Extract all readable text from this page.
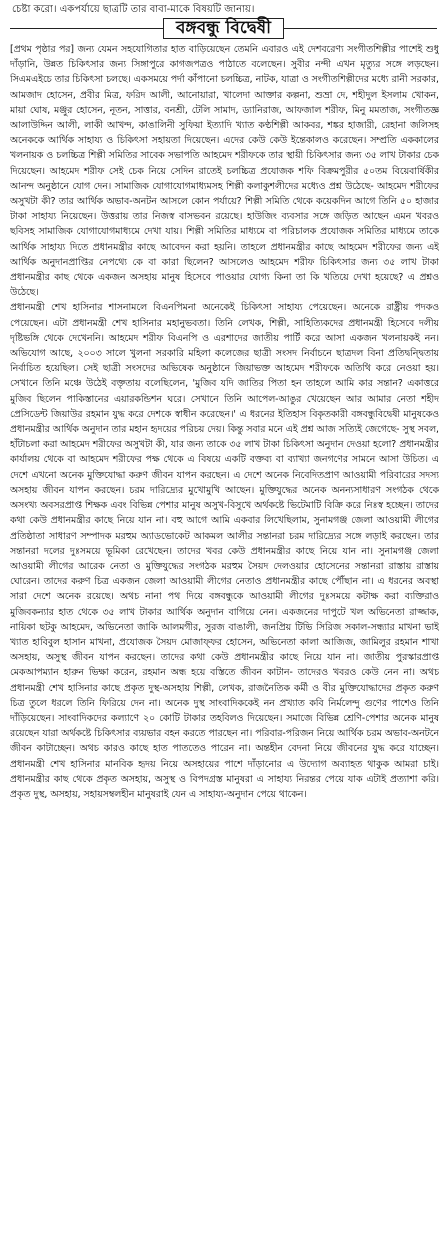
চেষ্টা করো। একপর্যায়ে ছাত্রটি তার বাবা-মাকে বিষয়টি জানায়।
বঙ্গবন্ধু বিদ্বেষী

[প্রথম পৃষ্ঠার পর] জন্য যেমন সহযোগিতার হাত বাড়িয়েছেন তেমনি এবারও এই দেশবরেণ্য সংগীতশিল্পীর পাশেই শুধু দাঁড়ানি, উন্নত চিকিৎসার জন্য সিঙ্গাপুরে কাগজপত্রও পাঠাতে বলেছেন। সুবীর নন্দী এখন মৃত্যুর সঙ্গে লড়ছেন। সিএমএইচে তার চিকিৎসা চলছে। একসময়ে পর্দা কাঁপানো চলচ্চিত্র, নাটক, যাত্রা ও সংগীতশিল্পীদের মধ্যে রানী সরকার, আমজাদ হোসেন, প্রবীর মিত্র, ফরিদ আলী, আনোয়ারা, খালেদা আক্তার কল্পনা, শুভ্রা দে, শহীদুল ইসলাম খোকন, মায়া ঘোষ, মঞ্জুর হোসেন, নূতন, সাত্তার, বনশ্রী, টেলি সামাদ, ড্যানিরাজ, আফজাল শরীফ, মিনু মমতাজ, সংগীতজ্ঞ আলাউদ্দিন আলী, লাকী আখন্দ, কাঙালিনী সুফিয়া ইত্যাদি খ্যাত কণ্ঠশিল্পী আকবর, শঙ্কর হাজারী, রেহানা জলিসহ অনেককে আর্থিক সাহায্য ও চিকিৎসা সহায়তা দিয়েছেন। এদের কেউ কেউ ইন্তেকালও করেছেন। সম্প্রতি এককালের খলনায়ক ও চলচ্চিত্র শিল্পী সমিতির সাবেক সভাপতি আহমেদ শরীফকে তার স্থায়ী চিকিৎসার জন্য ৩৫ লাখ টাকার চেক দিয়েছেন। আহমেদ শরীফ সেই চেক নিয়ে সেদিন রাতেই চলচ্চিত্র প্রযোজক শফি বিক্রমপুরীর ৫০তম বিয়েবার্ষিকীর আনন্দ অনুষ্ঠানে যোগ দেন। সামাজিক যোগাযোগমাধ্যমসহ শিল্পী কলাকুশলীদের মধ্যেও প্রশ্ন উঠেছে- আহমেদ শরীফের অসুখটা কী? তার আর্থিক অভাব-অনটন আসলে কোন পর্যায়ে? শিল্পী সমিতি থেকে কয়েকদিন আগে তিনি ৫০ হাজার টাকা সাহায্য নিয়েছেন। উত্তরায় তার নিজস্ব বাসভবন রয়েছে। হাউজিং ব্যবসার সঙ্গে জড়িত আছেন এমন খবরও ছবিসহ সামাজিক যোগাযোগমাধ্যমে দেখা যায়। শিল্পী সমিতির মাধ্যমে বা পরিচালক প্রযোজক সমিতির মাধ্যমে তাকে আর্থিক সাহায্য দিতে প্রধানমন্ত্রীর কাছে আবেদন করা হয়নি। তাহলে প্রধানমন্ত্রীর কাছে আহমেদ শরীফের জন্য এই আর্থিক অনুদানপ্রাপ্তির নেপথ্যে কে বা কারা ছিলেন? আসলেও আহমেদ শরীফ চিকিৎসার জন্য ৩৫ লাখ টাকা প্রধানমন্ত্রীর কাছ থেকে একজন অসহায় মানুষ হিসেবে পাওয়ার যোগ্য কিনা তা কি খতিয়ে দেখা হয়েছে? এ প্রশ্নও উঠেছে।

প্রধানমন্ত্রী শেখ হাসিনার শাসনামলে বিএনপিমনা অনেকেই চিকিৎসা সাহায্য পেয়েছেন। অনেকে রাষ্ট্রীয় পদকও পেয়েছেন। এটা প্রধানমন্ত্রী শেখ হাসিনার মহানুভবতা। তিনি লেখক, শিল্পী, সাহিত্যিকদের প্রধানমন্ত্রী হিসেবে দলীয় দৃষ্টিভঙ্গি থেকে দেখেননি। আহমেদ শরীফ বিএনপি ও এরশাদের জাতীয় পার্টি করে আসা একজন খলনায়কই নন। অভিযোগ আছে, ২০০৩ সালে খুলনা সরকারি মহিলা কলেজের ছাত্রী সংসদ নির্বাচনে ছাত্রদল বিনা প্রতিদ্বন্দ্বিতায় নির্বাচিত হয়েছিল। সেই ছাত্রী সংসদের অভিষেক অনুষ্ঠানে জিয়াভক্ত আহমেদ শরীফকে অতিথি করে নেওয়া হয়। সেখানে তিনি মঞ্চে উঠেই বক্তৃতায় বলেছিলেন, 'মুজিব যদি জাতির পিতা হন তাহলে আমি কার সন্তান? একাত্তরে মুজিব ছিলেন পাকিস্তানের এয়ারকন্ডিশন ঘরে। সেখানে তিনি আপেল-আঙুর খেয়েছেন আর আমার নেতা শহীদ প্রেসিডেন্ট জিয়াউর রহমান যুদ্ধ করে দেশকে স্বাধীন করেছেন।' এ ধরনের ইতিহাস বিকৃতকারী বঙ্গবন্ধুবিদ্বেষী মানুষকেও প্রধানমন্ত্রীর আর্থিক অনুদান তার মহান হৃদয়ের পরিচয় দেয়। কিন্তু সবার মনে এই প্রশ্ন আজ সত্যিই জেগেছে- সুস্থ সবল, হাঁটাচলা করা আহমেদ শরীফের অসুখটা কী, যার জন্য তাকে ৩৫ লাখ টাকা চিকিৎসা অনুদান দেওয়া হলো? প্রধানমন্ত্রীর কার্যালয় থেকে বা আহমেদ শরীফের পক্ষ থেকে এ বিষয়ে একটি বক্তব্য বা ব্যাখ্যা জনগণের সামনে আসা উচিত। এ দেশে এখনো অনেক মুক্তিযোদ্ধা করুণ জীবন যাপন করছেন। এ দেশে অনেক নিবেদিতপ্রাণ আওয়ামী পরিবারের সদস্য অসহায় জীবন যাপন করছেন। চরম দারিদ্র্যের মুখোমুখি আছেন। মুক্তিযুদ্ধের অনেক অনন্যসাধারণ সংগঠক থেকে অসংখ্য অবসরপ্রাপ্ত শিক্ষক এবং বিভিন্ন পেশার মানুষ অসুখ-বিসুখে অর্থকষ্টে ভিটেমাটি বিক্রি করে নিঃস্ব হচ্ছেন। তাদের কথা কেউ প্রধানমন্ত্রীর কাছে নিয়ে যান না। বহু আগে আমি একবার লিখেছিলাম, সুনামগঞ্জ জেলা আওয়ামী লীগের প্রতিষ্ঠাতা সাধারণ সম্পাদক মরহুম অ্যাডভোকেট আকমল আলীর সন্তানরা চরম দারিদ্র্যের সঙ্গে লড়াই করছেন। তার সন্তানরা দলের দুঃসময়ে ভূমিকা রেখেছেন। তাদের খবর কেউ প্রধানমন্ত্রীর কাছে নিয়ে যান না। সুনামগঞ্জ জেলা আওয়ামী লীগের আরেক নেতা ও মুক্তিযুদ্ধের সংগঠক মরহুম সৈয়দ দেলওয়ার হোসেনের সন্তানরা রাস্তায় রাস্তায় ঘোরেন। তাদের করুণ চিত্র একজন জেলা আওয়ামী লীগের নেতাও প্রধানমন্ত্রীর কাছে পৌঁছান না। এ ধরনের অবস্থা সারা দেশে অনেক রয়েছে। অথচ নানা পথ দিয়ে বঙ্গবন্ধুকে আওয়ামী লীগের দুঃসময়ে কটাক্ষ করা ব্যক্তিরাও মুজিবকন্যার হাত থেকে ৩৫ লাখ টাকার আর্থিক অনুদান বাগিয়ে নেন। একজনের দাপুটে খল অভিনেতা রাজ্জাক, নায়িকা ছটকু আহমেদ, অভিনেতা জাকি আলমগীর, সুরজ বাঙালী, জনপ্রিয় টিভি সিরিজ সকাল-সন্ধ্যার মাখনা ভাই খ্যাত হাবিবুল হাসান মাখনা, প্রযোজক সৈয়দ মোজাফ্ফর হোসেন, অভিনেতা কালা আজিজ, জামিলুর রহমান শাখা অসহায়, অসুস্থ জীবন যাপন করছেন। তাদের কথা কেউ প্রধানমন্ত্রীর কাছে নিয়ে যান না। জাতীয় পুরস্কারপ্রাপ্ত মেকআপম্যান হারুন ভিক্ষা করেন, রহমান অন্ধ হয়ে বস্তিতে জীবন কাটান- তাদেরও খবরও কেউ নেন না। অথচ প্রধানমন্ত্রী শেখ হাসিনার কাছে প্রকৃত দুস্থ-অসহায় শিল্পী, লেখক, রাজনৈতিক কর্মী ও বীর মুক্তিযোদ্ধাদের প্রকৃত করুণ চিত্র তুলে ধরলে তিনি ফিরিয়ে দেন না। অনেক দুস্থ সাংবাদিককেই নন প্রখ্যাত কবি নির্মলেন্দু গুণের পাশেও তিনি দাঁড়িয়েছেন। সাংবাদিকদের কল্যাণে ২০ কোটি টাকার তহবিলও দিয়েছেন। সমাজে বিভিন্ন শ্রেণি-পেশার অনেক মানুষ রয়েছেন যারা অর্থকষ্টে চিকিৎসার ব্যয়ভার বহন করতে পারছেন না। পরিবার-পরিজন নিয়ে আর্থিক চরম অভাব-অনটনে জীবন কাটাচ্ছেন। অথচ কারও কাছে হাত পাততেও পারেন না। অন্তহীন বেদনা নিয়ে জীবনের যুদ্ধ করে যাচ্ছেন। প্রধানমন্ত্রী শেখ হাসিনার মানবিক হৃদয় নিয়ে অসহায়ের পাশে দাঁড়ানোর এ উদ্যোগ অব্যাহত থাকুক আমরা চাই। প্রধানমন্ত্রীর কাছ থেকে প্রকৃত অসহায়, অসুস্থ ও বিপদগ্রস্ত মানুষরা এ সাহায্য নিরন্তর পেয়ে যাক এটাই প্রত্যাশা করি। প্রকৃত দুস্থ, অসহায়, সহায়সম্বলহীন মানুষরাই যেন এ সাহায্য-অনুদান পেয়ে থাকেন।
